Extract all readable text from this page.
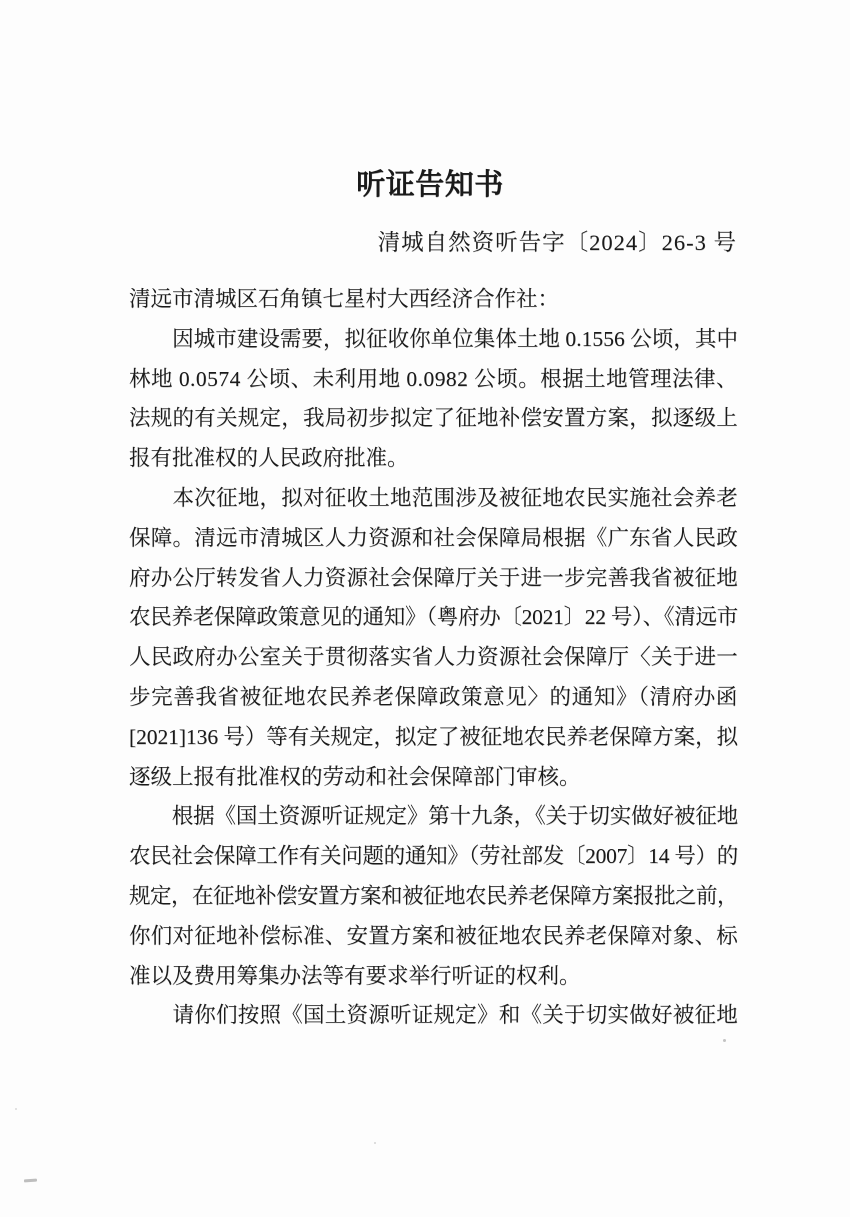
听证告知书
清城自然资听告字〔2024〕26-3 号
清远市清城区石角镇七星村大西经济合作社：
　　因城市建设需要，拟征收你单位集体土地 0.1556 公顷，其中
林地 0.0574 公顷、未利用地 0.0982 公顷。根据土地管理法律、
法规的有关规定，我局初步拟定了征地补偿安置方案，拟逐级上
报有批准权的人民政府批准。
　　本次征地，拟对征收土地范围涉及被征地农民实施社会养老
保障。清远市清城区人力资源和社会保障局根据《广东省人民政
府办公厅转发省人力资源社会保障厅关于进一步完善我省被征地
农民养老保障政策意见的通知》（粤府办〔2021〕22 号）、《清远市
人民政府办公室关于贯彻落实省人力资源社会保障厅〈关于进一
步完善我省被征地农民养老保障政策意见〉的通知》（清府办函
[2021]136 号）等有关规定，拟定了被征地农民养老保障方案，拟
逐级上报有批准权的劳动和社会保障部门审核。
　　根据《国土资源听证规定》第十九条，《关于切实做好被征地
农民社会保障工作有关问题的通知》（劳社部发〔2007〕14 号）的
规定，在征地补偿安置方案和被征地农民养老保障方案报批之前，
你们对征地补偿标准、安置方案和被征地农民养老保障对象、标
准以及费用筹集办法等有要求举行听证的权利。
　　请你们按照《国土资源听证规定》和《关于切实做好被征地
